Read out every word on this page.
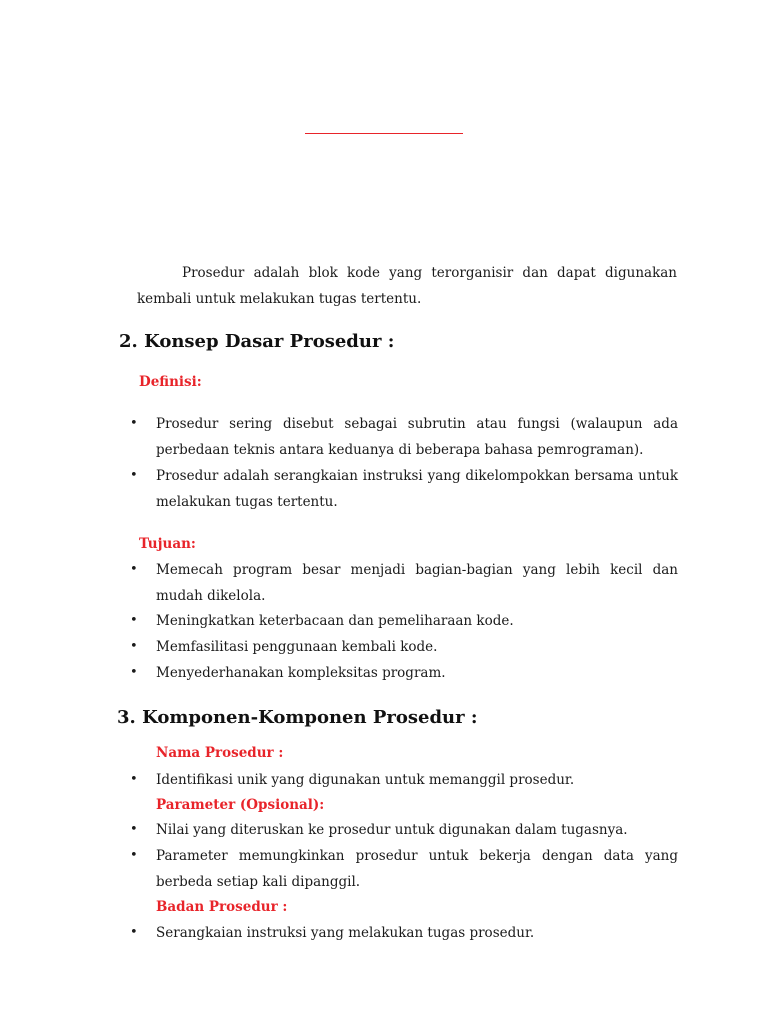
Prosedur adalah blok kode yang terorganisir dan dapat digunakan kembali untuk melakukan tugas tertentu.

2. Konsep Dasar Prosedur :
Definisi:
•	Prosedur sering disebut sebagai subrutin atau fungsi (walaupun ada perbedaan teknis antara keduanya di beberapa bahasa pemrograman).
•	Prosedur adalah serangkaian instruksi yang dikelompokkan bersama untuk melakukan tugas tertentu.
Tujuan:
•	Memecah program besar menjadi bagian-bagian yang lebih kecil dan mudah dikelola.
•	Meningkatkan keterbacaan dan pemeliharaan kode.
•	Memfasilitasi penggunaan kembali kode.
•	Menyederhanakan kompleksitas program.
3. Komponen-Komponen Prosedur :
Nama Prosedur :
•	Identifikasi unik yang digunakan untuk memanggil prosedur.
Parameter (Opsional):
•	Nilai yang diteruskan ke prosedur untuk digunakan dalam tugasnya.
•	Parameter memungkinkan prosedur untuk bekerja dengan data yang berbeda setiap kali dipanggil.
Badan Prosedur :
•	Serangkaian instruksi yang melakukan tugas prosedur.
